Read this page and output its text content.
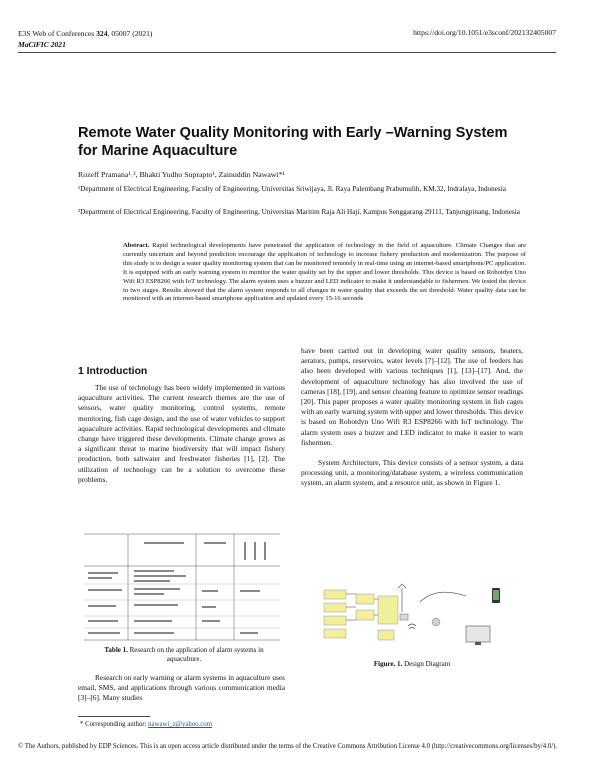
E3S Web of Conferences 324, 05007 (2021)
MaCiFIC 2021
https://doi.org/10.1051/e3sconf/202132405007
Remote Water Quality Monitoring with Early –Warning System for Marine Aquaculture
Rozeff Pramana¹˒², Bhakti Yudho Suprapto¹, Zainuddin Nawawi*¹
¹Department of Electrical Engineering, Faculty of Engineering, Universitas Sriwijaya, Jl. Raya Palembang Prabumulih, KM.32, Indralaya, Indonesia
²Department of Electrical Engineering, Faculty of Engineering, Universitas Maritim Raja Ali Haji, Kampus Senggarang 29111, Tanjungpinang, Indonesia
Abstract. Rapid technological developments have penetrated the application of technology in the field of aquaculture. Climate Changes that are currently uncertain and beyond prediction encourage the application of technology to increase fishery production and modernization. The purpose of this study is to design a water quality monitoring system that can be monitored remotely in real-time using an internet-based smartphone/PC application. It is equipped with an early warning system to monitor the water quality set by the upper and lower thresholds. This device is based on Robotdyn Uno Wifi R3 ESP8266 with IoT technology. The alarm system uses a buzzer and LED indicator to make it understandable to fishermen. We tested the device in two stages. Results showed that the alarm system responds to all changes in water quality that exceeds the set threshold. Water quality data can be monitored with an internet-based smartphone application and updated every 15-16 seconds
1 Introduction

The use of technology has been widely implemented in various aquaculture activities. The current research themes are the use of sensors, water quality monitoring, control systems, remote monitoring, fish cage design, and the use of water vehicles to support aquaculture activities. Rapid technological developments and climate change have triggered these developments. Climate change grows as a significant threat to marine biodiversity that will impact fishery production, both saltwater and freshwater fisheries [1], [2]. The utilization of technology can be a solution to overcome these problems.

Table 1. Research on the application of alarm systems in aquaculture.

Research on early warning or alarm systems in aquaculture uses email, SMS, and applications through various communication media [3]–[6]. Many studies

have been carried out in developing water quality sensors, heaters, aerators, pumps, reservoirs, water levels [7]–[12]. The use of feeders has also been developed with various techniques [1], [13]–[17]. And, the development of aquaculture technology has also involved the use of cameras [18], [19], and sensor cleaning feature to optimize sensor readings [20]. This paper proposes a water quality monitoring system in fish cages with an early warning system with upper and lower thresholds. This device is based on Robotdyn Uno Wifi R3 ESP8266 with IoT technology. The alarm system uses a buzzer and LED indicator to make it easier to warn fishermen.

System Architecture, This device consists of a sensor system, a data processing unit, a monitoring/database system, a wireless communication system, an alarm system, and a resource unit, as shown in Figure 1.

Figure. 1. Design Diagram
* Corresponding author: nawawi_z@yahoo.com
© The Authors, published by EDP Sciences. This is an open access article distributed under the terms of the Creative Commons Attribution License 4.0 (http://creativecommons.org/licenses/by/4.0/).
